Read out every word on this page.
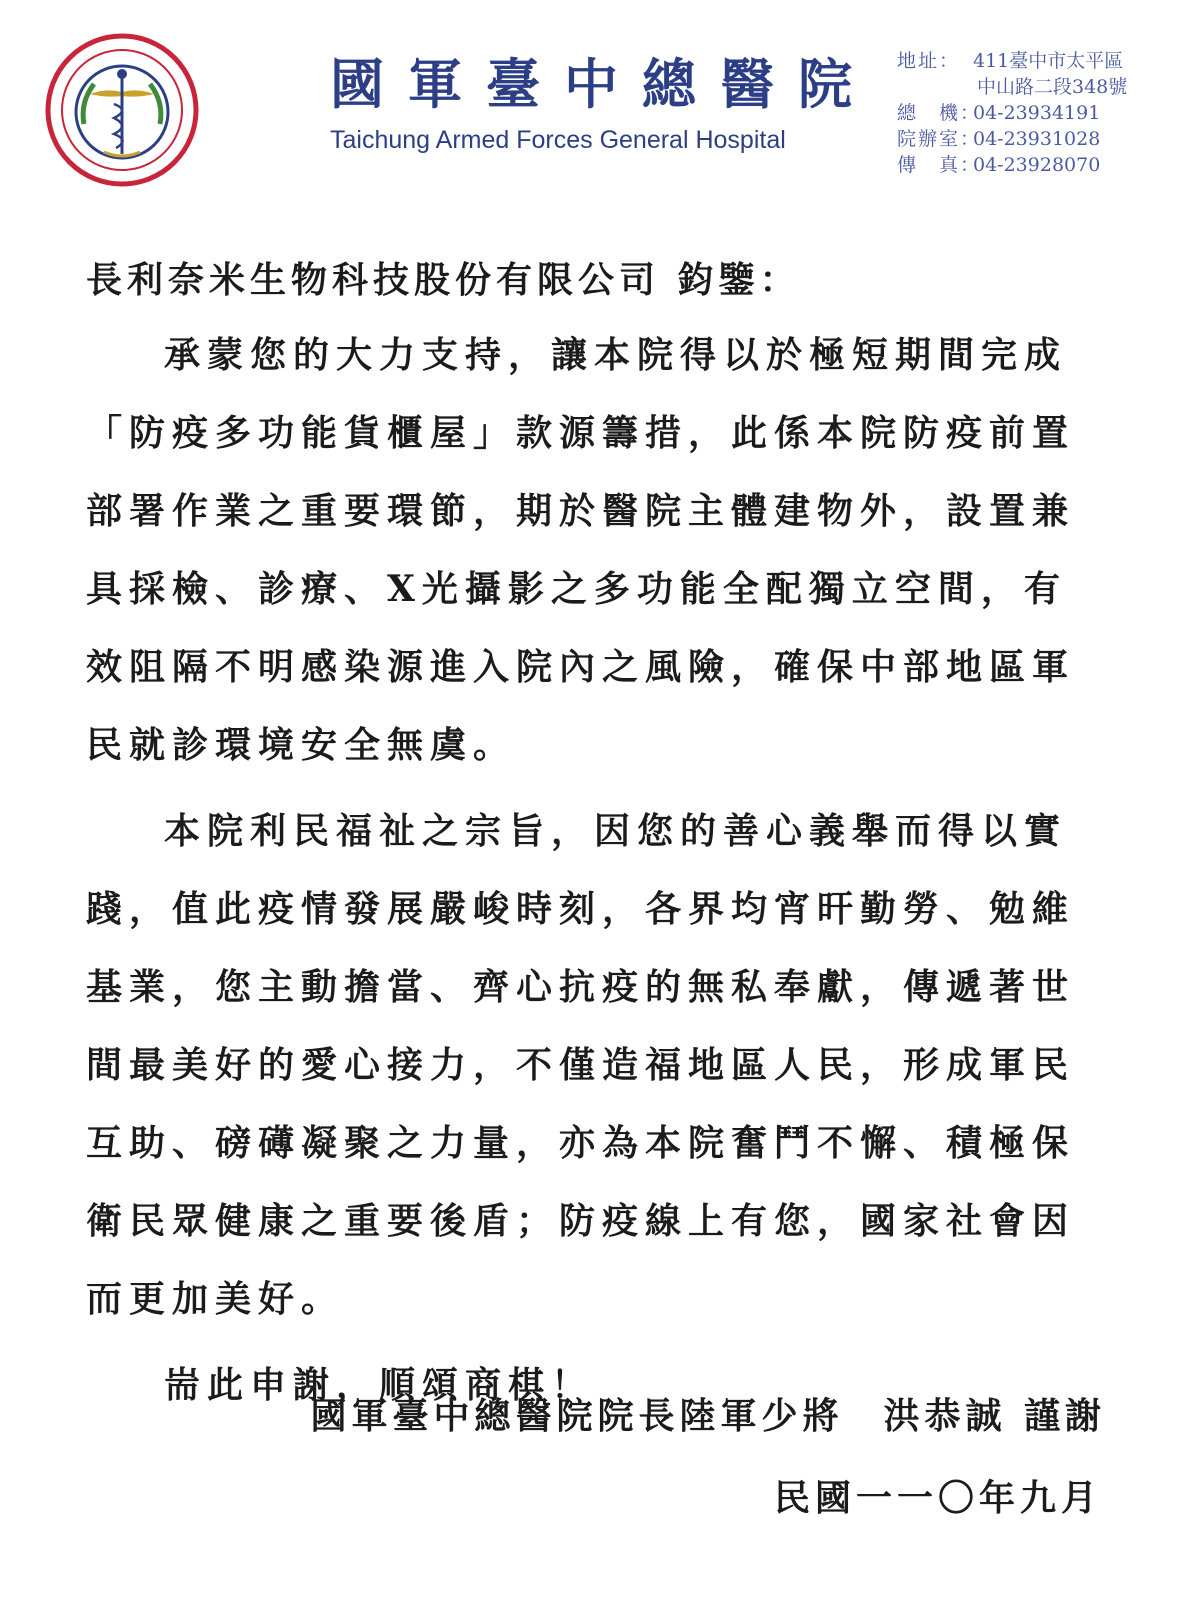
國軍臺中總醫院
Taichung Armed Forces General Hospital
地址： 411臺中市太平區
中山路二段348號
總　機：04-23934191
院辦室：04-23931028
傳　真：04-23928070
長利奈米生物科技股份有限公司 鈞鑒：
承蒙您的大力支持，讓本院得以於極短期間完成
「防疫多功能貨櫃屋」款源籌措，此係本院防疫前置
部署作業之重要環節，期於醫院主體建物外，設置兼
具採檢、診療、X光攝影之多功能全配獨立空間，有
效阻隔不明感染源進入院內之風險，確保中部地區軍
民就診環境安全無虞。
本院利民福祉之宗旨，因您的善心義舉而得以實
踐，值此疫情發展嚴峻時刻，各界均宵旰勤勞、勉維
基業，您主動擔當、齊心抗疫的無私奉獻，傳遞著世
間最美好的愛心接力，不僅造福地區人民，形成軍民
互助、磅礡凝聚之力量，亦為本院奮鬥不懈、積極保
衛民眾健康之重要後盾；防疫線上有您，國家社會因
而更加美好。
耑此申謝，順頌商棋！
國軍臺中總醫院院長陸軍少將 洪恭誠 謹謝
民國一一〇年九月
